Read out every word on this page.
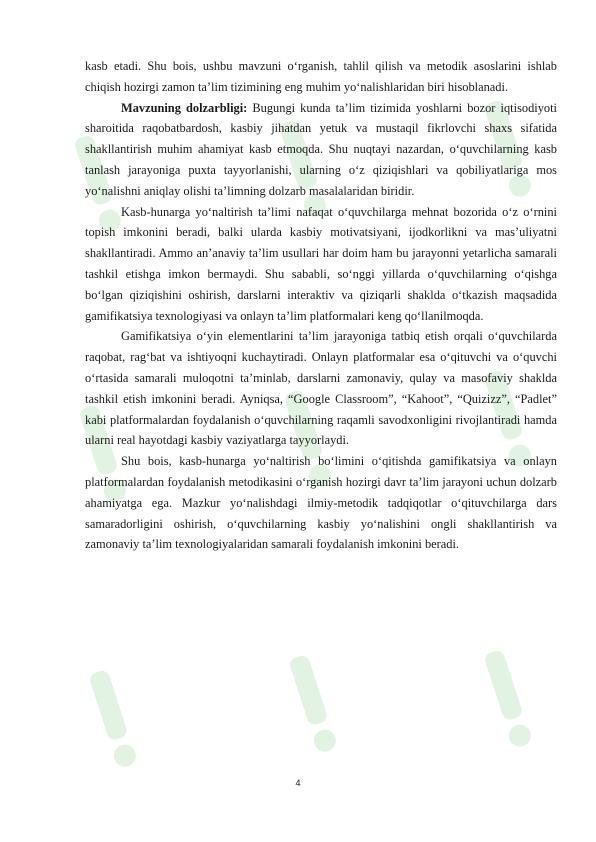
kasb etadi. Shu bois, ushbu mavzuni o‘rganish, tahlil qilish va metodik asoslarini ishlab chiqish hozirgi zamon ta’lim tizimining eng muhim yo‘nalishlaridan biri hisoblanadi.

Mavzuning dolzarbligi: Bugungi kunda ta’lim tizimida yoshlarni bozor iqtisodiyoti sharoitida raqobatbardosh, kasbiy jihatdan yetuk va mustaqil fikrlovchi shaxs sifatida shakllantirish muhim ahamiyat kasb etmoqda. Shu nuqtayi nazardan, o‘quvchilarning kasb tanlash jarayoniga puxta tayyorlanishi, ularning o‘z qiziqishlari va qobiliyatlariga mos yo‘nalishni aniqlay olishi ta’limning dolzarb masalalaridan biridir.

Kasb-hunarga yo‘naltirish ta’limi nafaqat o‘quvchilarga mehnat bozorida o‘z o‘rnini topish imkonini beradi, balki ularda kasbiy motivatsiyani, ijodkorlikni va mas’uliyatni shakllantiradi. Ammo an’anaviy ta’lim usullari har doim ham bu jarayonni yetarlicha samarali tashkil etishga imkon bermaydi. Shu sababli, so‘nggi yillarda o‘quvchilarning o‘qishga bo‘lgan qiziqishini oshirish, darslarni interaktiv va qiziqarli shaklda o‘tkazish maqsadida gamifikatsiya texnologiyasi va onlayn ta’lim platformalari keng qo‘llanilmoqda.

Gamifikatsiya o‘yin elementlarini ta’lim jarayoniga tatbiq etish orqali o‘quvchilarda raqobat, rag‘bat va ishtiyoqni kuchaytiradi. Onlayn platformalar esa o‘qituvchi va o‘quvchi o‘rtasida samarali muloqotni ta’minlab, darslarni zamonaviy, qulay va masofaviy shaklda tashkil etish imkonini beradi. Ayniqsa, “Google Classroom”, “Kahoot”, “Quizizz”, “Padlet” kabi platformalardan foydalanish o‘quvchilarning raqamli savodxonligini rivojlantiradi hamda ularni real hayotdagi kasbiy vaziyatlarga tayyorlaydi.

Shu bois, kasb-hunarga yo‘naltirish bo‘limini o‘qitishda gamifikatsiya va onlayn platformalardan foydalanish metodikasini o‘rganish hozirgi davr ta’lim jarayoni uchun dolzarb ahamiyatga ega. Mazkur yo‘nalishdagi ilmiy-metodik tadqiqotlar o‘qituvchilarga dars samaradorligini oshirish, o‘quvchilarning kasbiy yo‘nalishini ongli shakllantirish va zamonaviy ta’lim texnologiyalaridan samarali foydalanish imkonini beradi.

4
